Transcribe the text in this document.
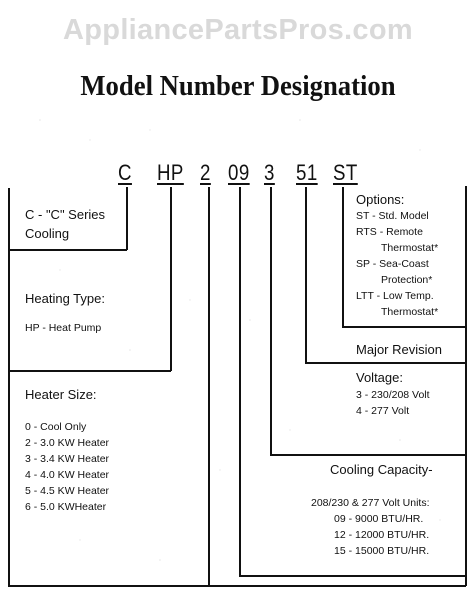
AppliancePartsPros.com
Model Number Designation
C HP 2 09 3 51 ST
C - "C" Series
Cooling
Heating Type:
HP - Heat Pump
Heater Size:
0 - Cool Only
2 - 3.0 KW Heater
3 - 3.4 KW Heater
4 - 4.0 KW Heater
5 - 4.5 KW Heater
6 - 5.0 KWHeater
Options:
ST - Std. Model
RTS - Remote
Thermostat*
SP - Sea-Coast
Protection*
LTT - Low Temp.
Thermostat*
Major Revision
Voltage:
3 - 230/208 Volt
4 - 277 Volt
Cooling Capacity-
208/230 & 277 Volt Units:
09 - 9000 BTU/HR.
12 - 12000 BTU/HR.
15 - 15000 BTU/HR.
